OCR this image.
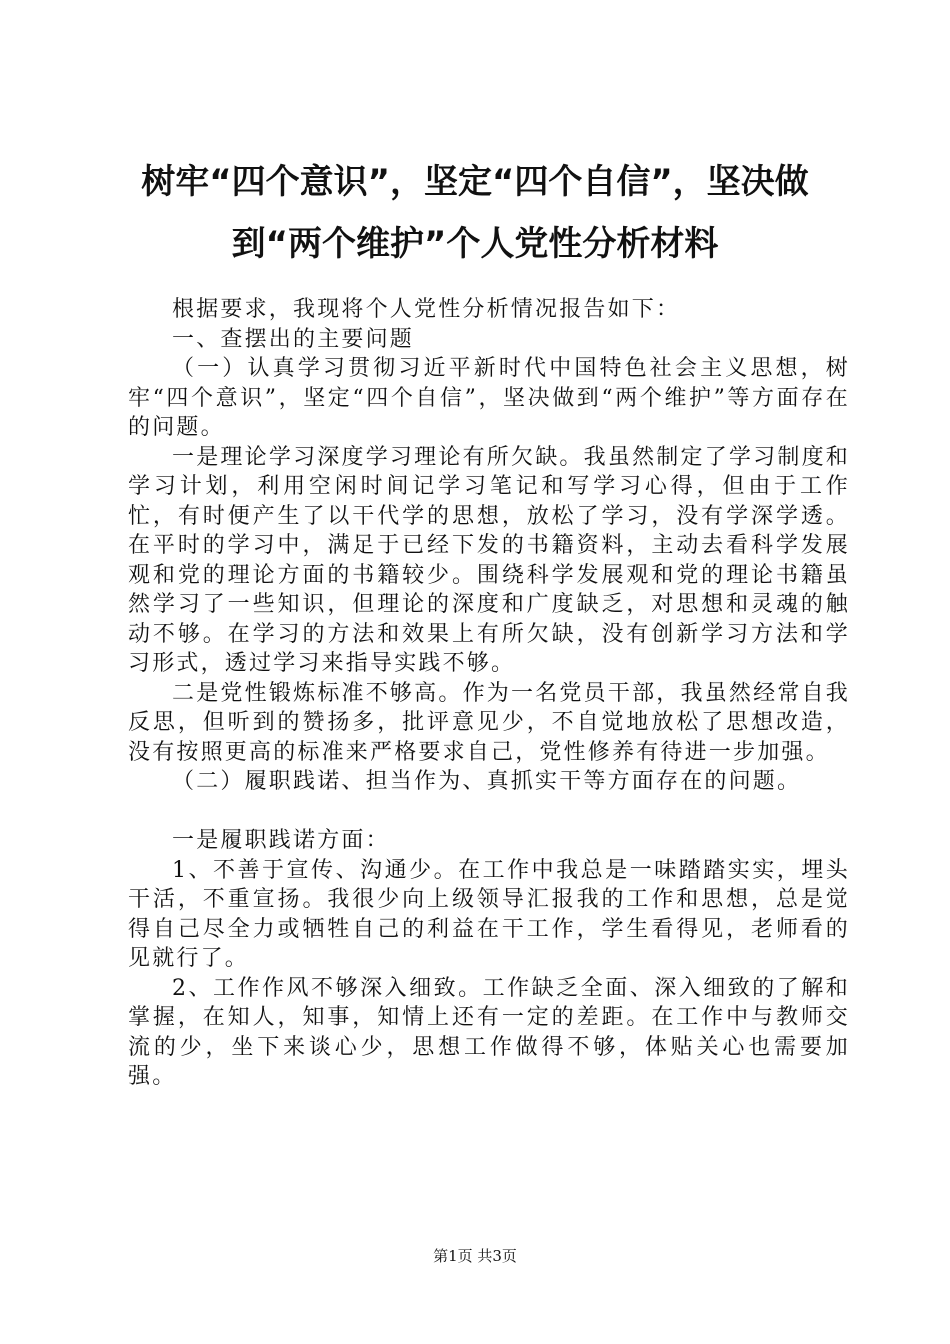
树牢“四个意识”，坚定“四个自信”，坚决做
到“两个维护”个人党性分析材料

根据要求，我现将个人党性分析情况报告如下：

一、查摆出的主要问题

（一）认真学习贯彻习近平新时代中国特色社会主义思想，树牢“四个意识”，坚定“四个自信”，坚决做到“两个维护”等方面存在的问题。

一是理论学习深度学习理论有所欠缺。我虽然制定了学习制度和学习计划，利用空闲时间记学习笔记和写学习心得，但由于工作忙，有时便产生了以干代学的思想，放松了学习，没有学深学透。在平时的学习中，满足于已经下发的书籍资料，主动去看科学发展观和党的理论方面的书籍较少。围绕科学发展观和党的理论书籍虽然学习了一些知识，但理论的深度和广度缺乏，对思想和灵魂的触动不够。在学习的方法和效果上有所欠缺，没有创新学习方法和学习形式，透过学习来指导实践不够。

二是党性锻炼标准不够高。作为一名党员干部，我虽然经常自我反思，但听到的赞扬多，批评意见少，不自觉地放松了思想改造，没有按照更高的标准来严格要求自己，党性修养有待进一步加强。

（二）履职践诺、担当作为、真抓实干等方面存在的问题。

一是履职践诺方面：

1、不善于宣传、沟通少。在工作中我总是一味踏踏实实，埋头干活，不重宣扬。我很少向上级领导汇报我的工作和思想，总是觉得自己尽全力或牺牲自己的利益在干工作，学生看得见，老师看的见就行了。

2、工作作风不够深入细致。工作缺乏全面、深入细致的了解和掌握，在知人，知事，知情上还有一定的差距。在工作中与教师交流的少，坐下来谈心少，思想工作做得不够，体贴关心也需要加强。

第1页 共3页
